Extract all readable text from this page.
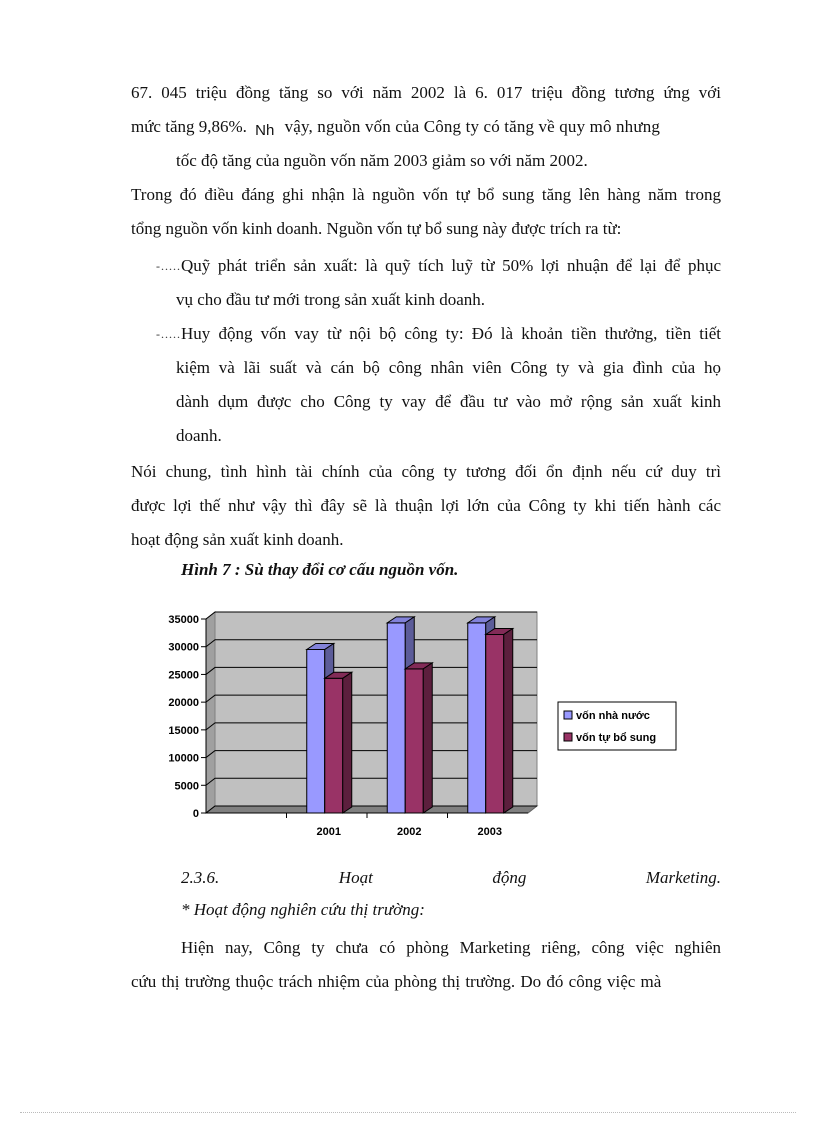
67. 045 triệu đồng tăng so với năm 2002 là 6. 017 triệu đồng tương ứng với

mức tăng 9,86%. Nh vậy, nguồn vốn của Công ty có tăng về quy mô nhưng

tốc độ tăng của nguồn vốn năm 2003 giảm so với năm 2002.

Trong đó điều đáng ghi nhận là nguồn vốn tự bổ sung tăng lên hàng năm trong

tổng nguồn vốn kinh doanh. Nguồn vốn tự bổ sung này được trích ra từ:

-..... Quỹ phát triển sản xuất: là quỹ tích luỹ từ 50% lợi nhuận để lại để phục

vụ cho đầu tư mới trong sản xuất kinh doanh.

-..... Huy động vốn vay từ nội bộ công ty: Đó là khoản tiền thưởng, tiền tiết

kiệm và lãi suất và cán bộ công nhân viên Công ty và gia đình của họ

dành dụm được cho Công ty vay để đầu tư vào mở rộng sản xuất kinh

doanh.

Nói chung, tình hình tài chính của công ty tương đối ổn định nếu cứ duy trì

được lợi thế như vậy thì đây sẽ là thuận lợi lớn của Công ty khi tiến hành các

hoạt động sản xuất kinh doanh.

Hình 7 : Sù thay đổi cơ cấu nguồn vốn.
0
5000
10000
15000
20000
25000
30000
35000
2001	2002	2003
vốn nhà nước
vốn tự bổ sung
2.3.6.	Hoạt	động	Marketing.
* Hoạt động nghiên cứu thị trường:

Hiện nay, Công ty chưa có phòng Marketing riêng, công việc nghiên

cứu thị trường thuộc trách nhiệm của phòng thị trường. Do đó công việc mà
